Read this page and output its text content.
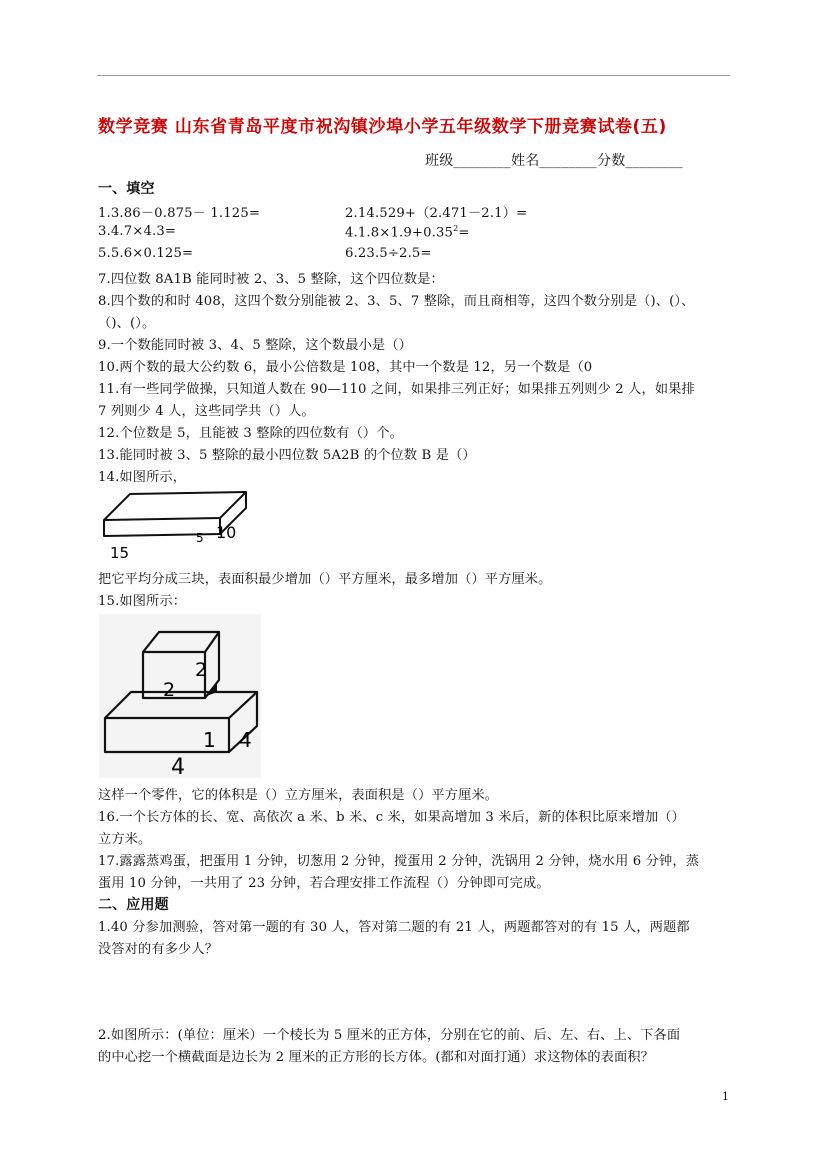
数学竞赛 山东省青岛平度市祝沟镇沙埠小学五年级数学下册竞赛试卷(五)
班级________姓名________分数________
一、填空
1.3.86－0.875－ 1.125=	2.14.529+（2.471－2.1）=
3.4.7×4.3=	$4.1.8\times 1.9+0.35^2=$
5.5.6×0.125=	6.23.5÷2.5=
7.四位数 8A1B 能同时被 2、3、5 整除，这个四位数是：
8.四个数的和时 408，这四个数分别能被 2、3、5、7 整除，而且商相等，这四个数分别是（)、(）、
（)、(）。
9.一个数能同时被 3、4、5 整除，这个数最小是（）
10.两个数的最大公约数 6，最小公倍数是 108，其中一个数是 12，另一个数是（0
11.有一些同学做操，只知道人数在 90—110 之间，如果排三列正好；如果排五列则少 2 人，如果排
7 列则少 4 人，这些同学共（）人。
12.个位数是 5，且能被 3 整除的四位数有（）个。
13.能同时被 3、5 整除的最小四位数 5A2B 的个位数 B 是（）
14.如图所示，
15
5 10
把它平均分成三块，表面积最少增加（）平方厘米，最多增加（）平方厘米。
15.如图所示：
2
2
1 4
4
这样一个零件，它的体积是（）立方厘米，表面积是（）平方厘米。
16.一个长方体的长、宽、高依次 a 米、b 米、c 米，如果高增加 3 米后，新的体积比原来增加（）
立方米。
17.露露蒸鸡蛋，把蛋用 1 分钟，切葱用 2 分钟，搅蛋用 2 分钟，洗锅用 2 分钟，烧水用 6 分钟，蒸
蛋用 10 分钟，一共用了 23 分钟，若合理安排工作流程（）分钟即可完成。
二、应用题
1.40 分参加测验，答对第一题的有 30 人，答对第二题的有 21 人，两题都答对的有 15 人，两题都
没答对的有多少人？
2.如图所示：(单位：厘米）一个棱长为 5 厘米的正方体，分别在它的前、后、左、右、上、下各面
的中心挖一个横截面是边长为 2 厘米的正方形的长方体。(都和对面打通）求这物体的表面积？
1
